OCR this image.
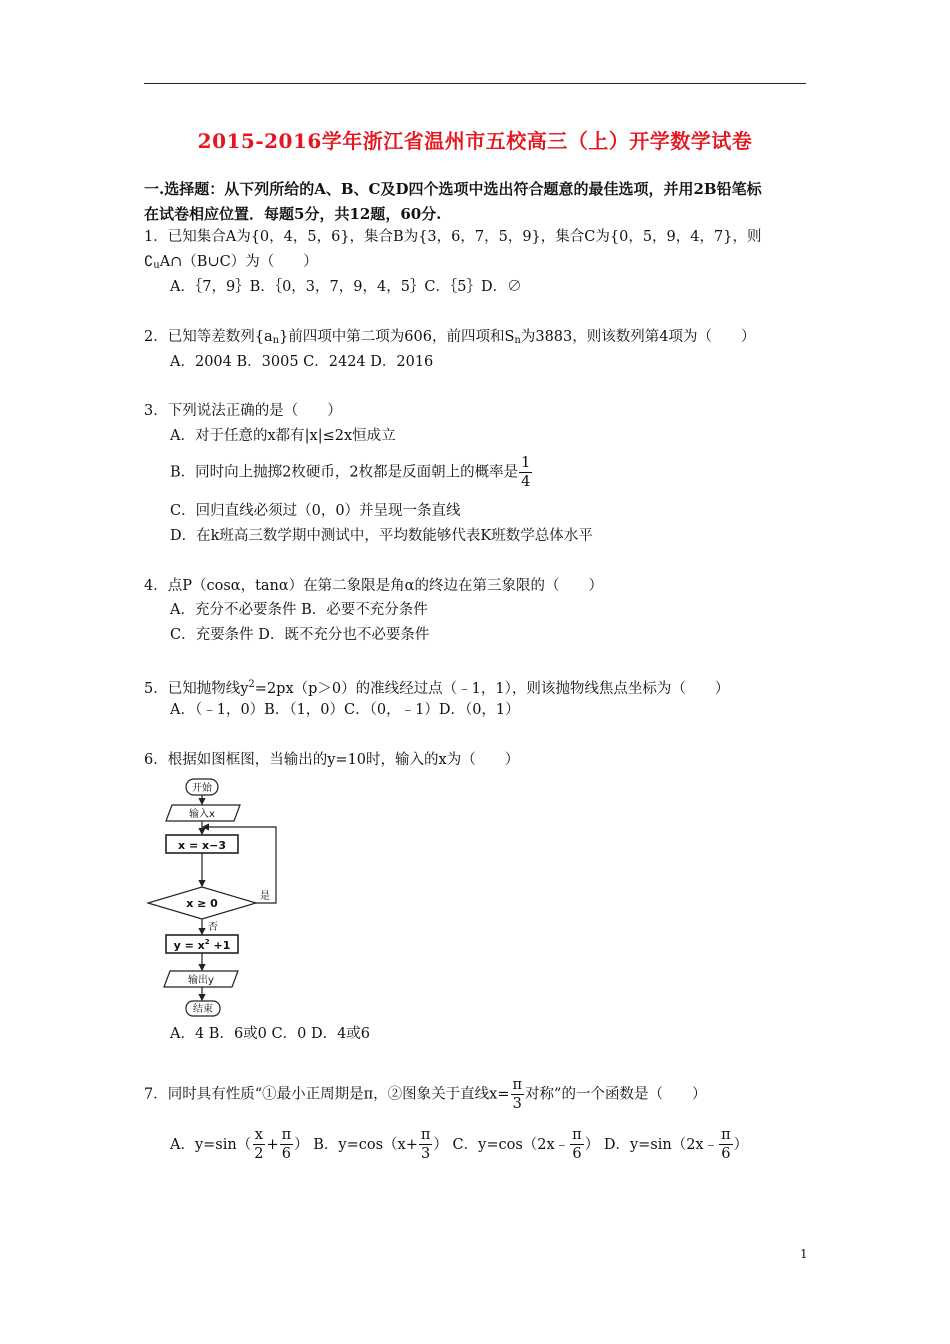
2015-2016学年浙江省温州市五校高三（上）开学数学试卷
一.选择题：从下列所给的A、B、C及D四个选项中选出符合题意的最佳选项，并用2B铅笔标
在试卷相应位置．每题5分，共12题，60分.
1．已知集合A为{0，4，5，6}，集合B为{3，6，7，5，9}，集合C为{0，5，9，4，7}，则
$∁_uA\cap(B\cup C)$为（　　）
A．｛7，9｝B．｛0，3，7，9，4，5｝C．｛5｝D．∅
2．已知等差数列$\{a_n\}$前四项中第二项为606，前四项和$S_n$为3883，则该数列第4项为（　　）
A．2004 B．3005 C．2424 D．2016
3．下列说法正确的是（　　）
A．对于任意的x都有|x|≤2x恒成立
B．同时向上抛掷2枚硬币，2枚都是反面朝上的概率是 $\frac{1}{4}$
C．回归直线必须过（0，0）并呈现一条直线
D．在k班高三数学期中测试中，平均数能够代表K班数学总体水平
4．点P（cosα，tanα）在第二象限是角α的终边在第三象限的（　　）
A．充分不必要条件 B．必要不充分条件
C．充要条件 D．既不充分也不必要条件
5．已知抛物线$y^2=2px(p>0)$的准线经过点（﹣1，1），则该抛物线焦点坐标为（　　）
A．（﹣1，0）B．（1，0）C．（0，﹣1）D．（0，1）
6．根据如图框图，当输出的y=10时，输入的x为（　　）
开始
输入x
x = x−3
x ≥ 0
是
否
$y = x^2 +1$
输出y
结束
A．4 B．6或0 C．0 D．4或6
7．同时具有性质“①最小正周期是π，②图象关于直线$x= \frac{\pi}{3}$ 对称”的一个函数是（　　）
A．$y=\sin( \frac{x}{2} + \frac{\pi}{6}$ ） B．$y=\cos(x+ \frac{\pi}{3}$ ） C．y=cos（2x﹣ $\frac{\pi}{6}$ ） D．y=sin（2x﹣ $\frac{\pi}{6}$ ）
1
